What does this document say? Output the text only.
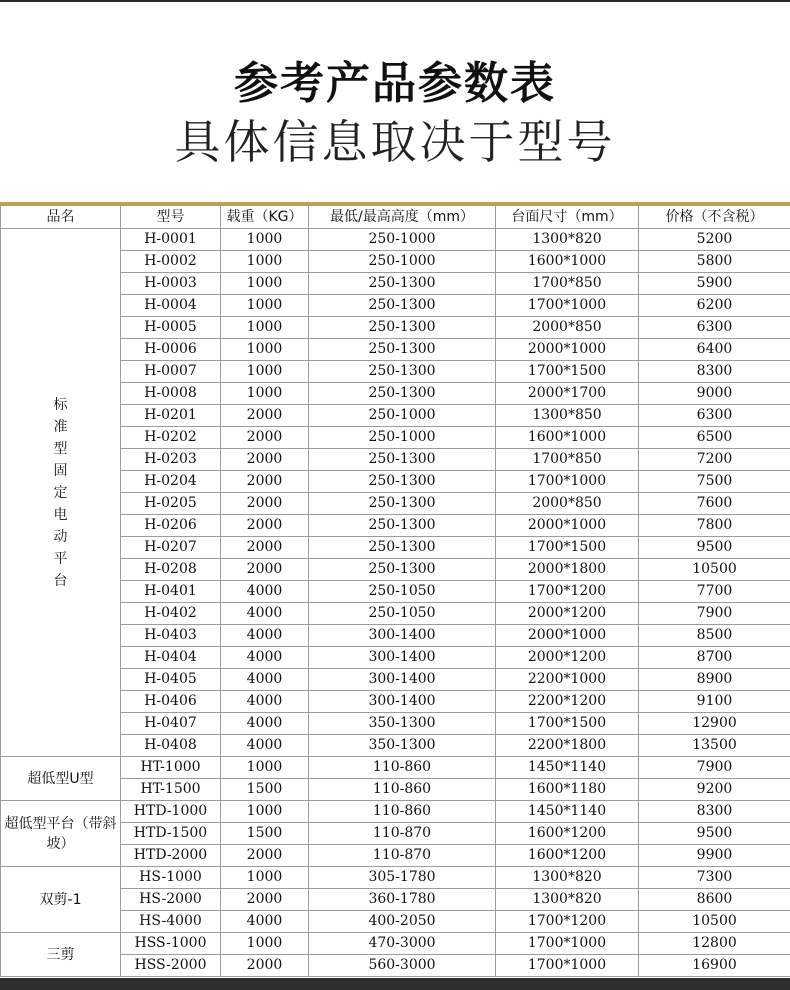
参考产品参数表
具体信息取决于型号
品名	型号	载重（KG）	最低/最高高度（mm）	台面尺寸（mm）	价格（不含税）

标准型固定电动平台	H-0001	1000	250-1000	1300*820	5200
	H-0002	1000	250-1000	1600*1000	5800
	H-0003	1000	250-1300	1700*850	5900
	H-0004	1000	250-1300	1700*1000	6200
	H-0005	1000	250-1300	2000*850	6300
	H-0006	1000	250-1300	2000*1000	6400
	H-0007	1000	250-1300	1700*1500	8300
	H-0008	1000	250-1300	2000*1700	9000
	H-0201	2000	250-1000	1300*850	6300
	H-0202	2000	250-1000	1600*1000	6500
	H-0203	2000	250-1300	1700*850	7200
	H-0204	2000	250-1300	1700*1000	7500
	H-0205	2000	250-1300	2000*850	7600
	H-0206	2000	250-1300	2000*1000	7800
	H-0207	2000	250-1300	1700*1500	9500
	H-0208	2000	250-1300	2000*1800	10500
	H-0401	4000	250-1050	1700*1200	7700
	H-0402	4000	250-1050	2000*1200	7900
	H-0403	4000	300-1400	2000*1000	8500
	H-0404	4000	300-1400	2000*1200	8700
	H-0405	4000	300-1400	2200*1000	8900
	H-0406	4000	300-1400	2200*1200	9100
	H-0407	4000	350-1300	1700*1500	12900
	H-0408	4000	350-1300	2200*1800	13500
超低型U型	HT-1000	1000	110-860	1450*1140	7900
	HT-1500	1500	110-860	1600*1180	9200
超低型平台（带斜坡）	HTD-1000	1000	110-860	1450*1140	8300
	HTD-1500	1500	110-870	1600*1200	9500
	HTD-2000	2000	110-870	1600*1200	9900
双剪-1	HS-1000	1000	305-1780	1300*820	7300
	HS-2000	2000	360-1780	1300*820	8600
	HS-4000	4000	400-2050	1700*1200	10500
三剪	HSS-1000	1000	470-3000	1700*1000	12800
	HSS-2000	2000	560-3000	1700*1000	16900
